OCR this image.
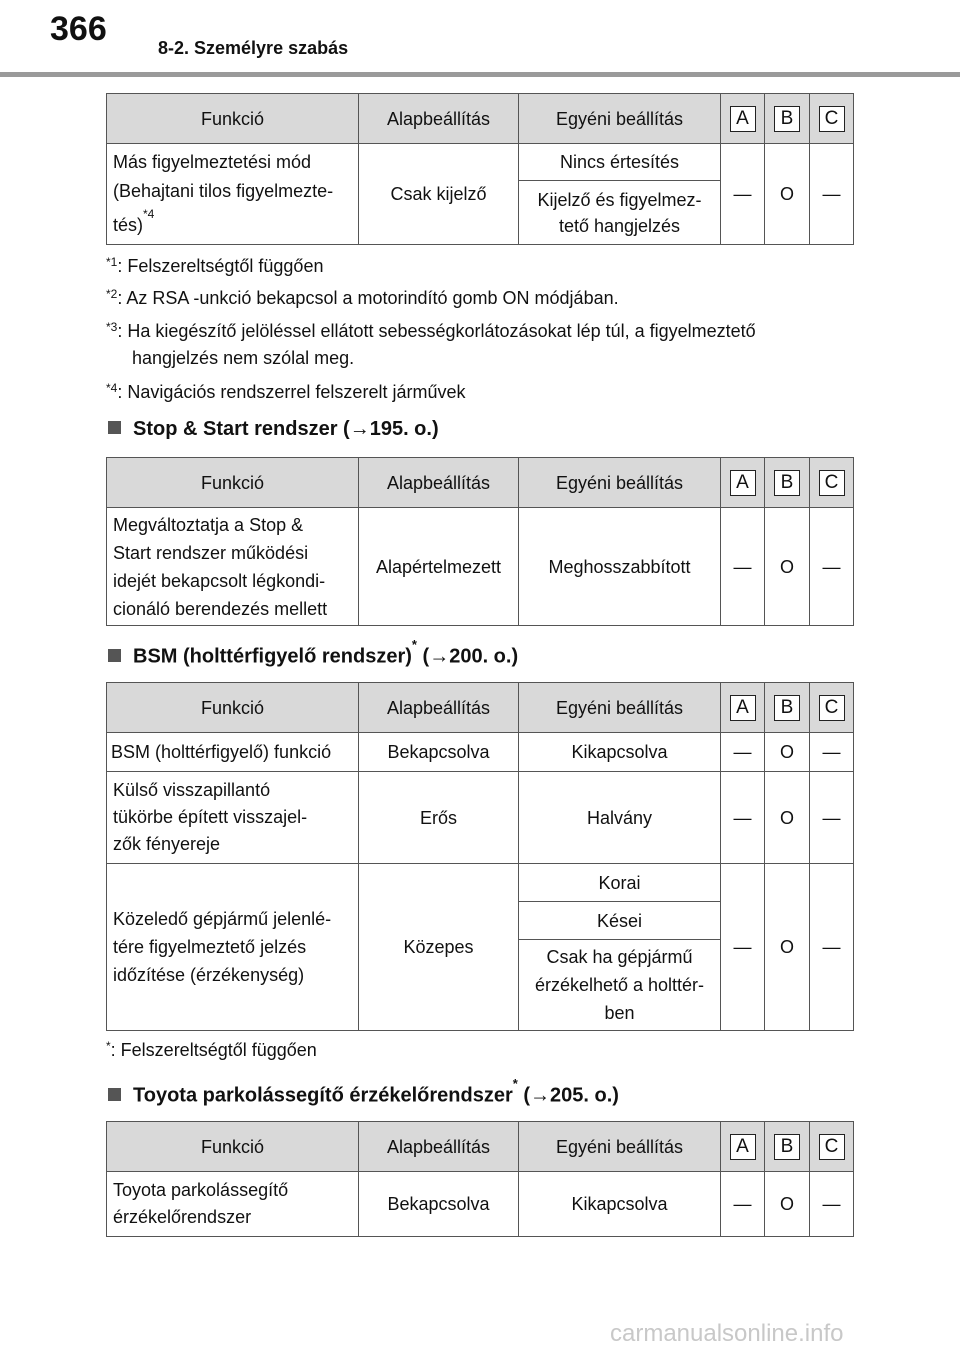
366	8-2. Személyre szabás
Funkció	Alapbeállítás	Egyéni beállítás	A	B	C
Más figyelmeztetési mód
(Behajtani tilos figyelmezte-
tés)$^{*4}$	Csak kijelző	Nincs értesítés	—	O	—
		Kijelző és figyelmez-
tető hangjelzés			
$^{*1}$: Felszereltségtől függően
$^{*2}$: Az RSA -unkció bekapcsol a motorindító gomb ON módjában.
$^{*3}$: Ha kiegészítő jelöléssel ellátott sebességkorlátozásokat lép túl, a figyelmeztető
hangjelzés nem szólal meg.
$^{*4}$: Navigációs rendszerrel felszerelt járművek
Stop & Start rendszer (→195. o.)
Funkció	Alapbeállítás	Egyéni beállítás	A	B	C
Megváltoztatja a Stop &
Start rendszer működési
idejét bekapcsolt légkondi-
cionáló berendezés mellett	Alapértelmezett	Meghosszabbított	—	O	—
BSM (holttérfigyelő rendszer)* (→200. o.)
Funkció	Alapbeállítás	Egyéni beállítás	A	B	C
BSM (holttérfigyelő) funkció	Bekapcsolva	Kikapcsolva	—	O	—
Külső visszapillantó
tükörbe épített visszajel-
zők fényereje	Erős	Halvány	—	O	—
Közeledő gépjármű jelenlé-
tére figyelmeztető jelzés
időzítése (érzékenység)	Közepes	Korai	—	O	—
		Kései			
		Csak ha gépjármű
érzékelhető a holttér-
ben			
*: Felszereltségtől függően
Toyota parkolássegítő érzékelőrendszer* (→205. o.)
Funkció	Alapbeállítás	Egyéni beállítás	A	B	C
Toyota parkolássegítő
érzékelőrendszer	Bekapcsolva	Kikapcsolva	—	O	—
carmanualsonline.info
